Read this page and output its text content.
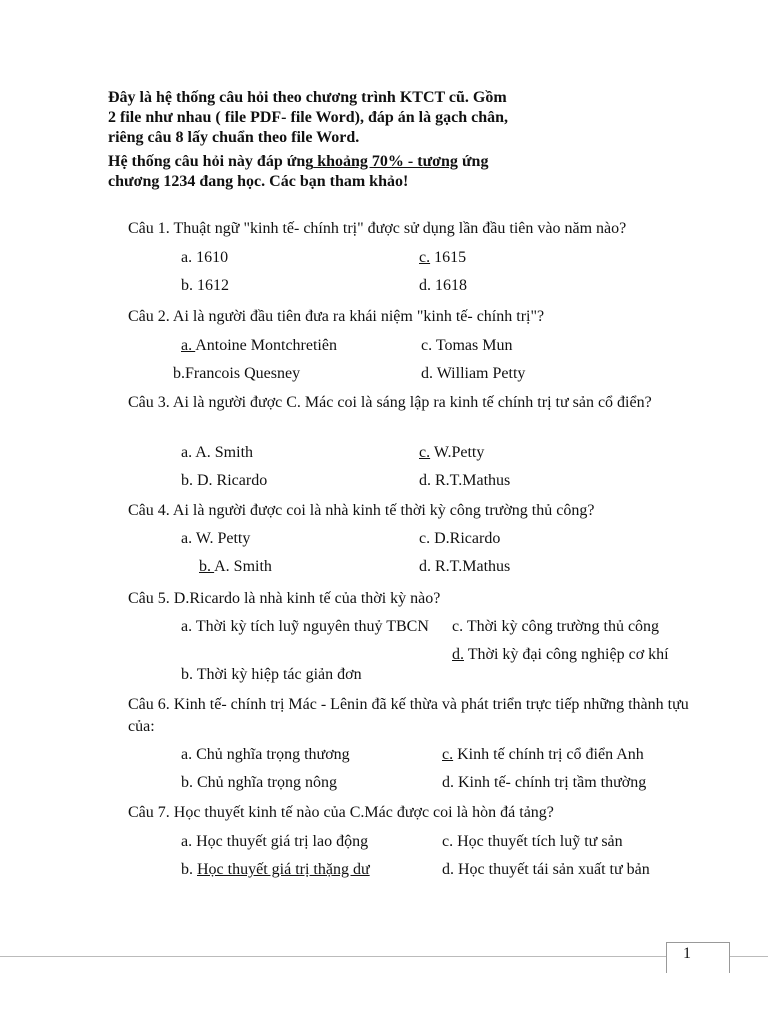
Đây là hệ thống câu hỏi theo chương trình KTCT cũ. Gồm 2 file như nhau ( file PDF- file Word), đáp án là gạch chân, riêng câu 8 lấy chuẩn theo file Word.

Hệ thống câu hỏi này đáp ứng khoảng 70% - tương ứng chương 1234 đang học. Các bạn tham khảo!

Câu 1. Thuật ngữ "kinh tế- chính trị" được sử dụng lần đầu tiên vào năm nào?
a. 1610
b. 1612
c. 1615
d. 1618
Câu 2. Ai là người đầu tiên đưa ra khái niệm "kinh tế- chính trị"?
a. Antoine Montchretiên
b.Francois Quesney
c. Tomas Mun
d. William Petty
Câu 3. Ai là người được C. Mác coi là sáng lập ra kinh tế chính trị tư sản cổ điển?
a. A. Smith
b. D. Ricardo
c. W.Petty
d. R.T.Mathus
Câu 4. Ai là người được coi là nhà kinh tế thời kỳ công trường thủ công?
a. W. Petty
b. A. Smith
c. D.Ricardo
d. R.T.Mathus
Câu 5. D.Ricardo là nhà kinh tế của thời kỳ nào?
a. Thời kỳ tích luỹ nguyên thuỷ TBCN
b. Thời kỳ hiệp tác giản đơn
c. Thời kỳ công trường thủ công
d. Thời kỳ đại công nghiệp cơ khí
Câu 6. Kinh tế- chính trị Mác - Lênin đã kế thừa và phát triển trực tiếp những thành tựu của:
a. Chủ nghĩa trọng thương
b. Chủ nghĩa trọng nông
c. Kinh tế chính trị cổ điển Anh
d. Kinh tế- chính trị tầm thường
Câu 7. Học thuyết kinh tế nào của C.Mác được coi là hòn đá tảng?
a. Học thuyết giá trị lao động
b. Học thuyết giá trị thặng dư
c. Học thuyết tích luỹ tư sản
d. Học thuyết tái sản xuất tư bản
1
